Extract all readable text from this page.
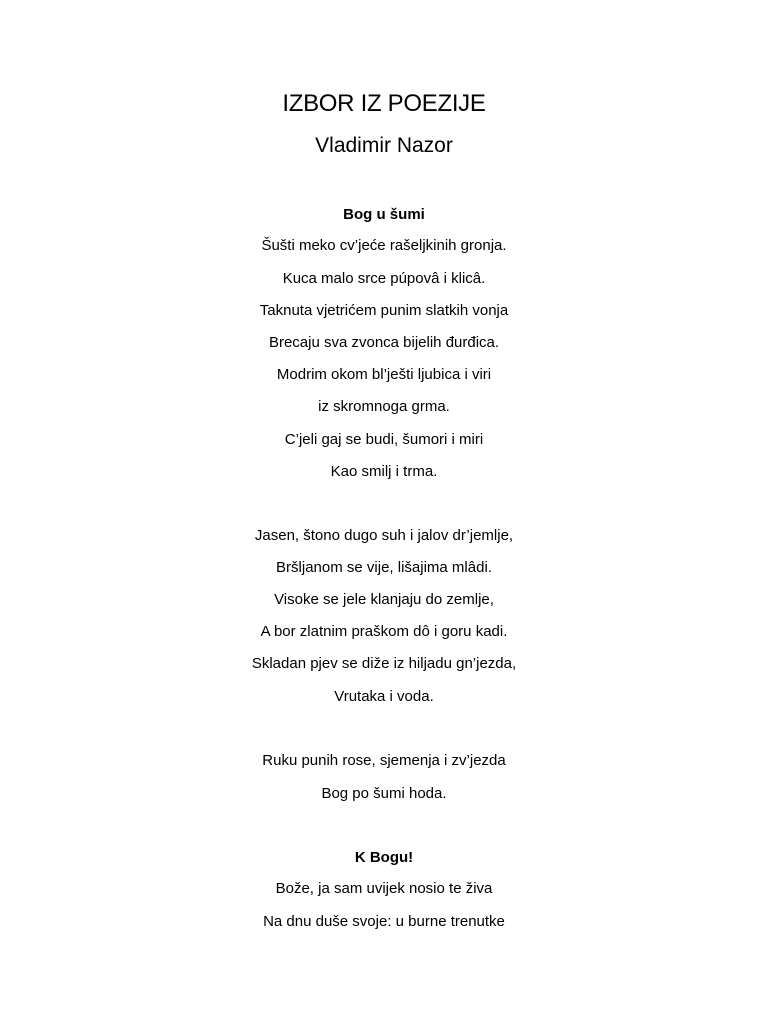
IZBOR IZ POEZIJE
Vladimir Nazor
Bog u šumi
Šušti meko cv’jeće rašeljkinih gronja.
Kuca malo srce púpovâ i klicâ.
Taknuta vjetrićem punim slatkih vonja
Brecaju sva zvonca bijelih đurđica.
Modrim okom bl’ješti ljubica i viri
iz skromnoga grma.
C’jeli gaj se budi, šumori i miri
Kao smilj i trma.
Jasen, štono dugo suh i jalov dr’jemlje,
Bršljanom se vije, lišajima mlâdi.
Visoke se jele klanjaju do zemlje,
A bor zlatnim praškom dô i goru kadi.
Skladan pjev se diže iz hiljadu gn’jezda,
Vrutaka i voda.
Ruku punih rose, sjemenja i zv’jezda
Bog po šumi hoda.
K Bogu!
Bože, ja sam uvijek nosio te živa
Na dnu duše svoje: u burne trenutke
